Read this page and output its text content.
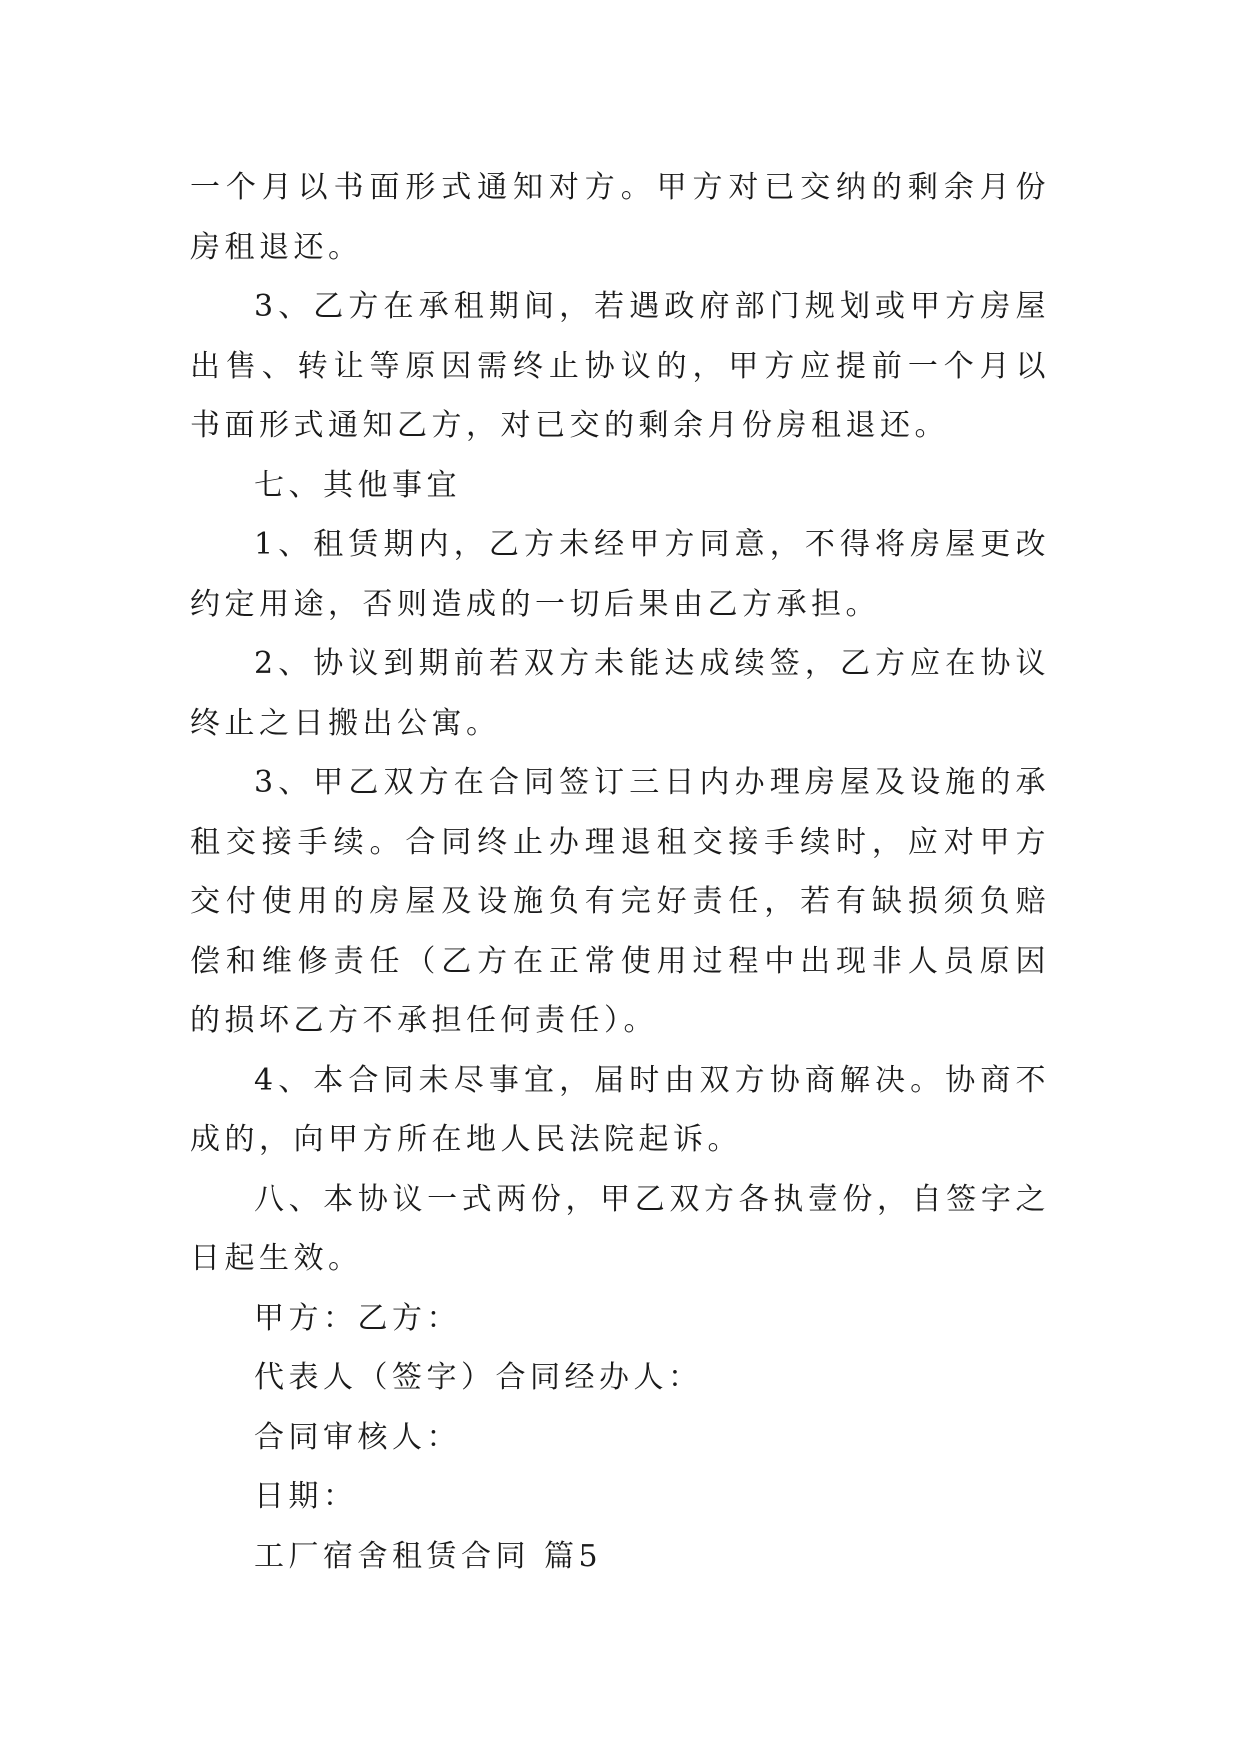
一个月以书面形式通知对方。甲方对已交纳的剩余月份房租退还。

3、乙方在承租期间，若遇政府部门规划或甲方房屋出售、转让等原因需终止协议的，甲方应提前一个月以书面形式通知乙方，对已交的剩余月份房租退还。

七、其他事宜

1、租赁期内，乙方未经甲方同意，不得将房屋更改约定用途，否则造成的一切后果由乙方承担。

2、协议到期前若双方未能达成续签，乙方应在协议终止之日搬出公寓。

3、甲乙双方在合同签订三日内办理房屋及设施的承租交接手续。合同终止办理退租交接手续时，应对甲方交付使用的房屋及设施负有完好责任，若有缺损须负赔偿和维修责任（乙方在正常使用过程中出现非人员原因的损坏乙方不承担任何责任）。

4、本合同未尽事宜，届时由双方协商解决。协商不成的，向甲方所在地人民法院起诉。

八、本协议一式两份，甲乙双方各执壹份，自签字之日起生效。

甲方：乙方：

代表人（签字）合同经办人：

合同审核人：

日期：

工厂宿舍租赁合同 篇5
